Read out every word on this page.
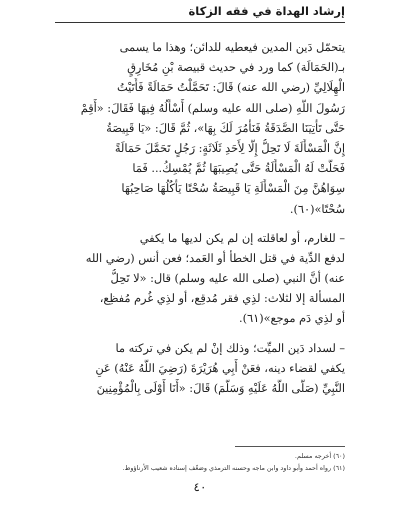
إرشاد الهداة في فقه الزكاة
يتحمّل دَين المدين فيعطيه للدائن؛ وهذا ما يسمى
بـ(الحَمَالَة) كما ورد في حديث قبيصة بْنِ مُخَارِقٍ
الْهِلَالِيِّ (رضي الله عنه) قَالَ: تَحَمَّلْتُ حَمَالَةً فَأَتَيْتُ
رَسُولَ اللَّهِ (صلى الله عليه وسلم) أَسْأَلُهُ فِيهَا فَقَالَ: «أَقِمْ
حَتَّى تَأْتِيَنَا الصَّدَقَةُ فَنَأْمُرَ لَكَ بِهَا»، ثُمَّ قَالَ: «يَا قَبِيصَةُ
إِنَّ الْمَسْأَلَةَ لَا تَحِلُّ إِلَّا لِأَحَدِ ثَلَاثَةٍ: رَجُلٍ تَحَمَّلَ حَمَالَةً
فَحَلَّتْ لَهُ الْمَسْأَلَةُ حَتَّى يُصِيبَهَا ثُمَّ يُمْسِكُ... فَمَا
سِوَاهُنَّ مِنَ الْمَسْأَلَةِ يَا قَبِيصَةُ سُحْتًا يَأْكُلُهَا صَاحِبُهَا
سُحْتًا»(٦٠).
– للغارم، أو لعاقلته إن لم يكن لديها ما يكفي
لدفع الدِّية في قتل الخطأ أو العَمد؛ فعن أنس (رضي الله
عنه) أنَّ النبي (صلى الله عليه وسلم) قال: «لا تَحِلُّ
المسألة إلا لثلاث: لذِي فقر مُدقِع، أو لذِي غُرم مُفظِع،
أو لذِي دَم موجع»(٦١).
– لسداد دَين الميِّت؛ وذلك إنْ لم يكن في تركته ما
يكفي لقضاء دينه، فعَنْ أَبِي هُرَيْرَةَ (رَضِيَ اللَّهُ عَنْهُ) عَنِ
النَّبِيِّ (صَلَّى اللَّهُ عَلَيْهِ وَسَلَّمَ) قَالَ: «أَنَا أَوْلَى بِالْمُؤْمِنِينَ
(٦٠) أخرجه مسلم.
(٦١) رواه أحمد وأبو داود وابن ماجه وحسنه الترمذي وضعّف إسناده شعيب الأرناؤوط.
٤٠
